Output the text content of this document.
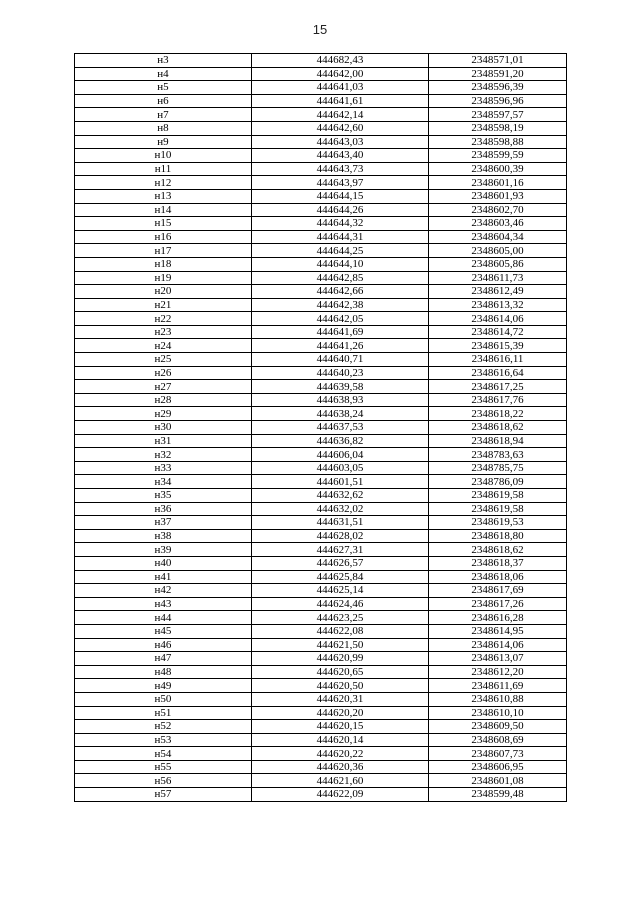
15
н3	444682,43	2348571,01
н4	444642,00	2348591,20
н5	444641,03	2348596,39
н6	444641,61	2348596,96
н7	444642,14	2348597,57
н8	444642,60	2348598,19
н9	444643,03	2348598,88
н10	444643,40	2348599,59
н11	444643,73	2348600,39
н12	444643,97	2348601,16
н13	444644,15	2348601,93
н14	444644,26	2348602,70
н15	444644,32	2348603,46
н16	444644,31	2348604,34
н17	444644,25	2348605,00
н18	444644,10	2348605,86
н19	444642,85	2348611,73
н20	444642,66	2348612,49
н21	444642,38	2348613,32
н22	444642,05	2348614,06
н23	444641,69	2348614,72
н24	444641,26	2348615,39
н25	444640,71	2348616,11
н26	444640,23	2348616,64
н27	444639,58	2348617,25
н28	444638,93	2348617,76
н29	444638,24	2348618,22
н30	444637,53	2348618,62
н31	444636,82	2348618,94
н32	444606,04	2348783,63
н33	444603,05	2348785,75
н34	444601,51	2348786,09
н35	444632,62	2348619,58
н36	444632,02	2348619,58
н37	444631,51	2348619,53
н38	444628,02	2348618,80
н39	444627,31	2348618,62
н40	444626,57	2348618,37
н41	444625,84	2348618,06
н42	444625,14	2348617,69
н43	444624,46	2348617,26
н44	444623,25	2348616,28
н45	444622,08	2348614,95
н46	444621,50	2348614,06
н47	444620,99	2348613,07
н48	444620,65	2348612,20
н49	444620,50	2348611,69
н50	444620,31	2348610,88
н51	444620,20	2348610,10
н52	444620,15	2348609,50
н53	444620,14	2348608,69
н54	444620,22	2348607,73
н55	444620,36	2348606,95
н56	444621,60	2348601,08
н57	444622,09	2348599,48
